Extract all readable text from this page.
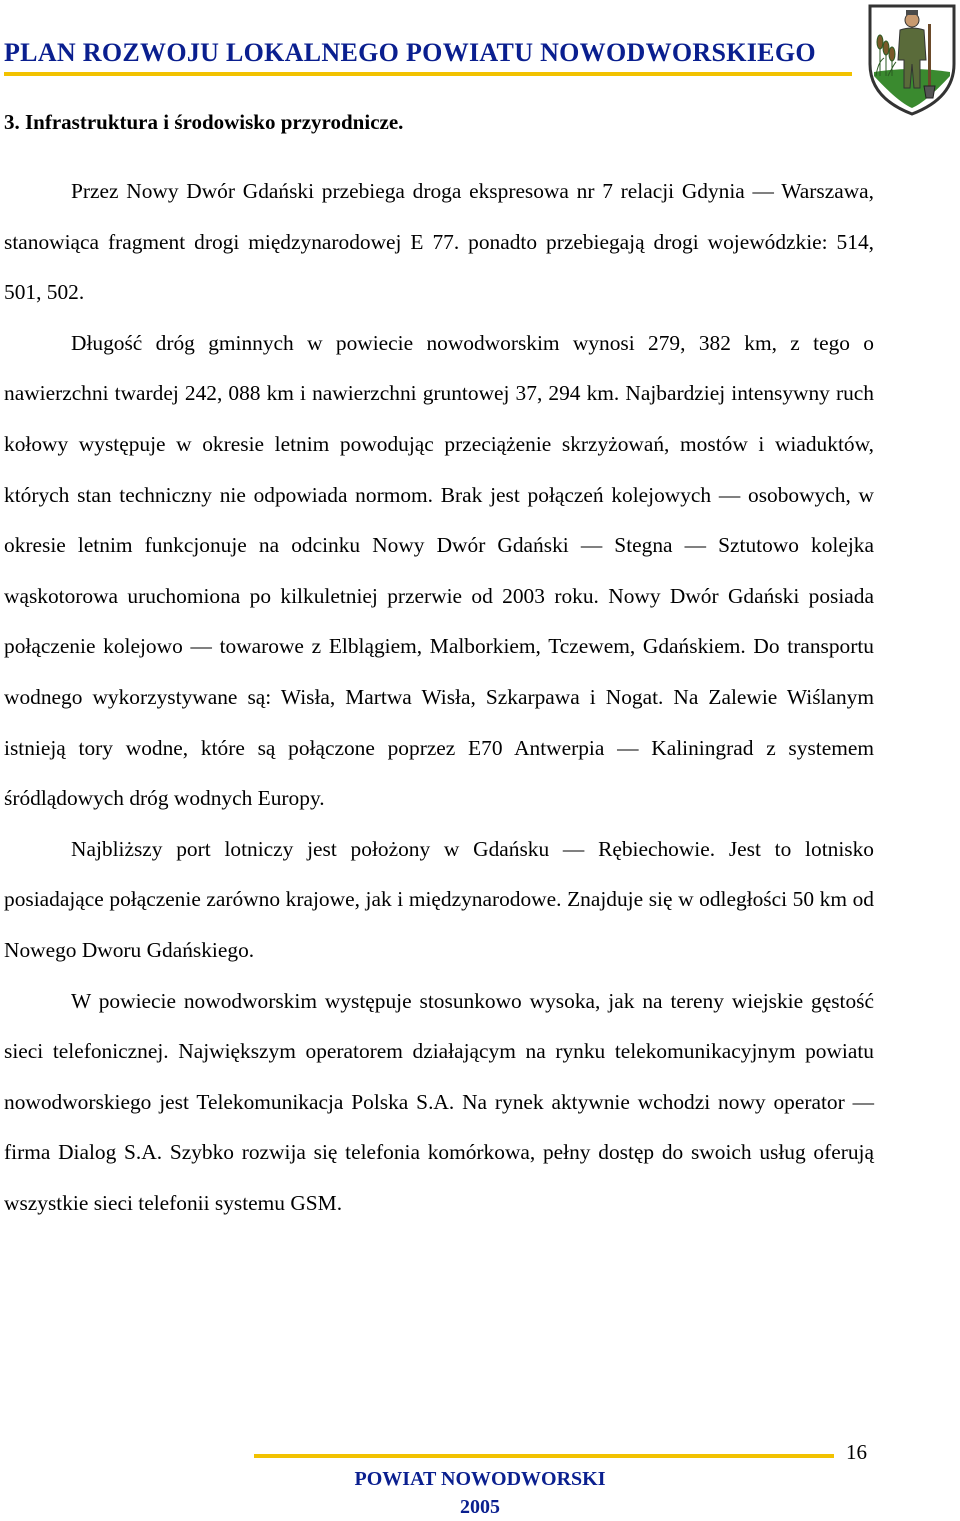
PLAN ROZWOJU LOKALNEGO POWIATU NOWODWORSKIEGO
3. Infrastruktura i środowisko przyrodnicze.

Przez Nowy Dwór Gdański przebiega droga ekspresowa nr 7 relacji Gdynia — Warszawa, stanowiąca fragment drogi międzynarodowej E 77. ponadto przebiegają drogi wojewódzkie: 514, 501, 502.

Długość dróg gminnych w powiecie nowodworskim wynosi 279, 382 km, z tego o nawierzchni twardej 242, 088 km i nawierzchni gruntowej 37, 294 km. Najbardziej intensywny ruch kołowy występuje w okresie letnim powodując przeciążenie skrzyżowań, mostów i wiaduktów, których stan techniczny nie odpowiada normom. Brak jest połączeń kolejowych — osobowych, w okresie letnim funkcjonuje na odcinku Nowy Dwór Gdański — Stegna — Sztutowo kolejka wąskotorowa uruchomiona po kilkuletniej przerwie od 2003 roku. Nowy Dwór Gdański posiada połączenie kolejowo — towarowe z Elblągiem, Malborkiem, Tczewem, Gdańskiem. Do transportu wodnego wykorzystywane są: Wisła, Martwa Wisła, Szkarpawa i Nogat. Na Zalewie Wiślanym istnieją tory wodne, które są połączone poprzez E70 Antwerpia — Kaliningrad z systemem śródlądowych dróg wodnych Europy.

Najbliższy port lotniczy jest położony w Gdańsku — Rębiechowie. Jest to lotnisko posiadające połączenie zarówno krajowe, jak i międzynarodowe. Znajduje się w odległości 50 km od Nowego Dworu Gdańskiego.

W powiecie nowodworskim występuje stosunkowo wysoka, jak na tereny wiejskie gęstość sieci telefonicznej. Największym operatorem działającym na rynku telekomunikacyjnym powiatu nowodworskiego jest Telekomunikacja Polska S.A. Na rynek aktywnie wchodzi nowy operator — firma Dialog S.A. Szybko rozwija się telefonia komórkowa, pełny dostęp do swoich usług oferują wszystkie sieci telefonii systemu GSM.

16
POWIAT NOWODWORSKI
2005
